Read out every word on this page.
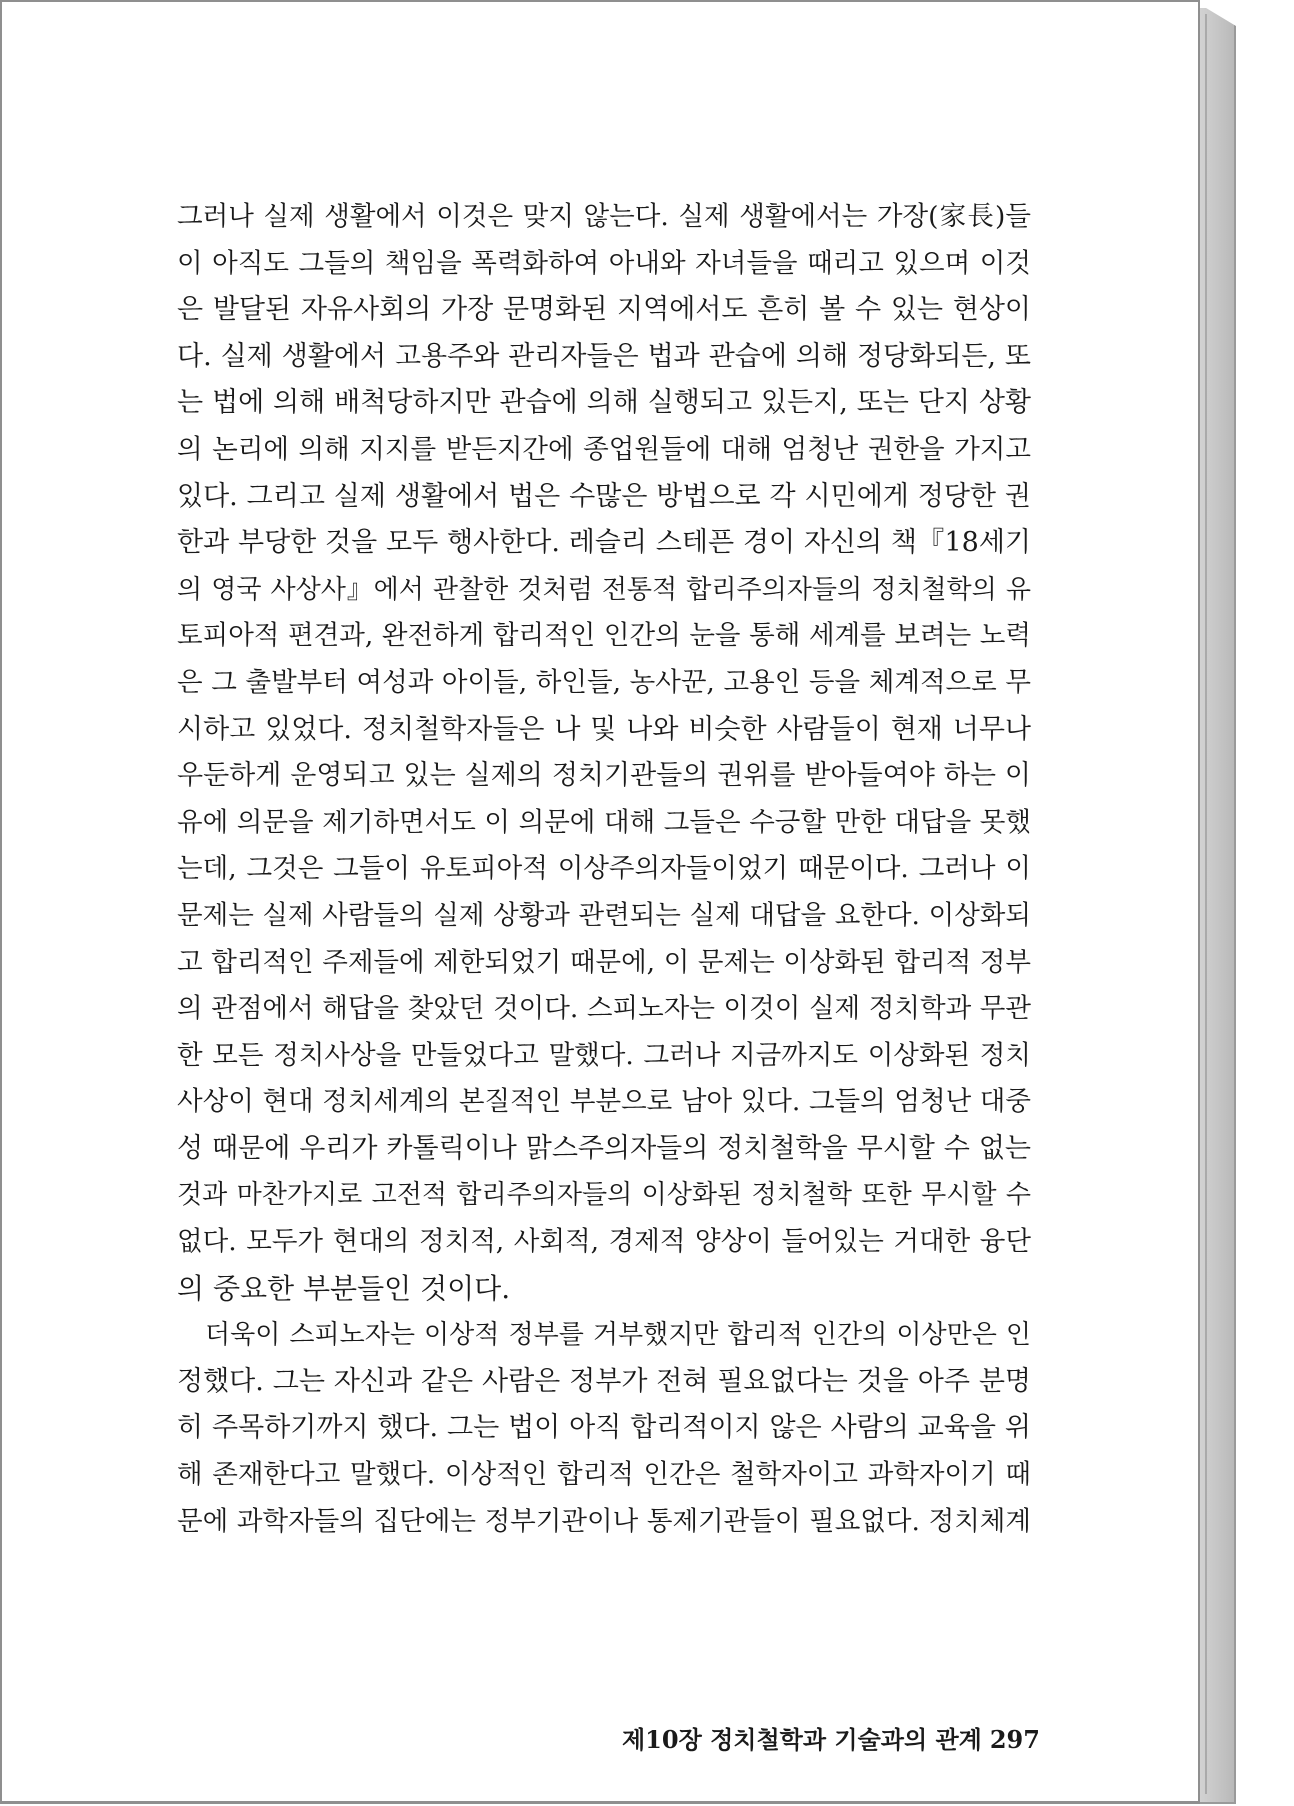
그러나 실제 생활에서 이것은 맞지 않는다. 실제 생활에서는 가장(家長)들
이 아직도 그들의 책임을 폭력화하여 아내와 자녀들을 때리고 있으며 이것
은 발달된 자유사회의 가장 문명화된 지역에서도 흔히 볼 수 있는 현상이
다. 실제 생활에서 고용주와 관리자들은 법과 관습에 의해 정당화되든, 또
는 법에 의해 배척당하지만 관습에 의해 실행되고 있든지, 또는 단지 상황
의 논리에 의해 지지를 받든지간에 종업원들에 대해 엄청난 권한을 가지고
있다. 그리고 실제 생활에서 법은 수많은 방법으로 각 시민에게 정당한 권
한과 부당한 것을 모두 행사한다. 레슬리 스테픈 경이 자신의 책『18세기
의 영국 사상사』에서 관찰한 것처럼 전통적 합리주의자들의 정치철학의 유
토피아적 편견과, 완전하게 합리적인 인간의 눈을 통해 세계를 보려는 노력
은 그 출발부터 여성과 아이들, 하인들, 농사꾼, 고용인 등을 체계적으로 무
시하고 있었다. 정치철학자들은 나 및 나와 비슷한 사람들이 현재 너무나
우둔하게 운영되고 있는 실제의 정치기관들의 권위를 받아들여야 하는 이
유에 의문을 제기하면서도 이 의문에 대해 그들은 수긍할 만한 대답을 못했
는데, 그것은 그들이 유토피아적 이상주의자들이었기 때문이다. 그러나 이
문제는 실제 사람들의 실제 상황과 관련되는 실제 대답을 요한다. 이상화되
고 합리적인 주제들에 제한되었기 때문에, 이 문제는 이상화된 합리적 정부
의 관점에서 해답을 찾았던 것이다. 스피노자는 이것이 실제 정치학과 무관
한 모든 정치사상을 만들었다고 말했다. 그러나 지금까지도 이상화된 정치
사상이 현대 정치세계의 본질적인 부분으로 남아 있다. 그들의 엄청난 대중
성 때문에 우리가 카톨릭이나 맑스주의자들의 정치철학을 무시할 수 없는
것과 마찬가지로 고전적 합리주의자들의 이상화된 정치철학 또한 무시할 수
없다. 모두가 현대의 정치적, 사회적, 경제적 양상이 들어있는 거대한 융단
의 중요한 부분들인 것이다.

더욱이 스피노자는 이상적 정부를 거부했지만 합리적 인간의 이상만은 인
정했다. 그는 자신과 같은 사람은 정부가 전혀 필요없다는 것을 아주 분명
히 주목하기까지 했다. 그는 법이 아직 합리적이지 않은 사람의 교육을 위
해 존재한다고 말했다. 이상적인 합리적 인간은 철학자이고 과학자이기 때
문에 과학자들의 집단에는 정부기관이나 통제기관들이 필요없다. 정치체계

제10장 정치철학과 기술과의 관계 297
